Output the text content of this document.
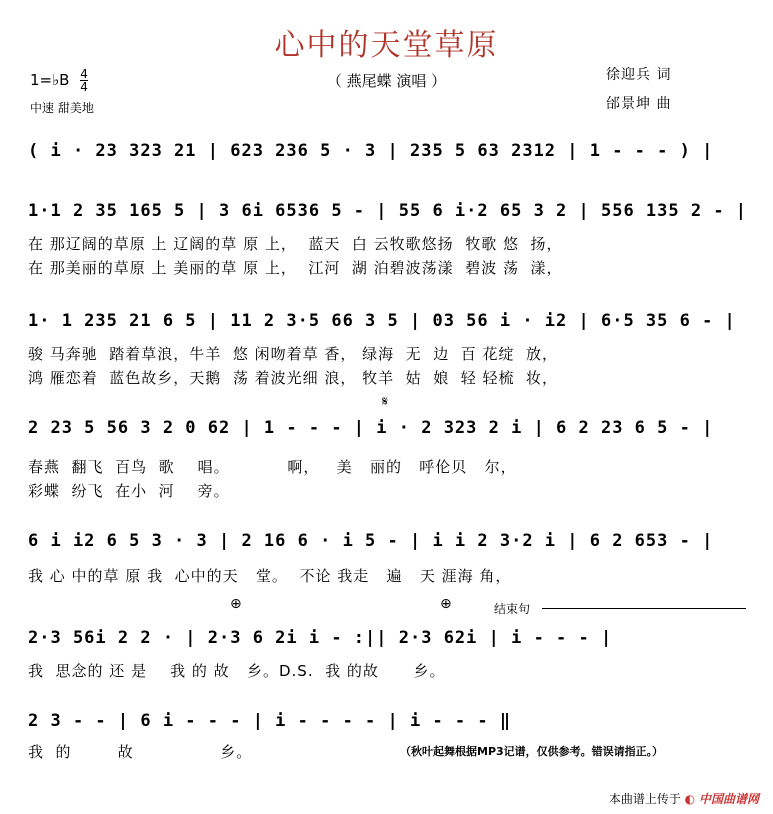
心中的天堂草原
（ 燕尾蝶 演唱 ）
1=♭B $\frac{4}{4}$
中速 甜美地
徐迎兵 词
邰景坤 曲
( i · 23 323 21 | 623 236 5 · 3 | 235 5 63 2312 | 1 - - - ) |
1·1 2 35 165 5 | 3 6i 6536 5 - | 55 6 i·2 65 3 2 | 556 135 2 - |
在 那辽阔的草原 上 辽阔的草 原 上，  蓝天  白 云牧歌悠扬  牧歌 悠  扬，
在 那美丽的草原 上 美丽的草 原 上，  江河  湖 泊碧波荡漾  碧波 荡  漾，
1· 1 235 21 6 5 | 11 2 3·5 66 3 5 | 03 56 i · i2 | 6·5 35 6 - |
骏 马奔驰  踏着草浪，牛羊  悠 闲吻着草 香， 绿海  无  边  百 花绽  放，
鸿 雁恋着  蓝色故乡，天鹅  荡 着波光细 浪， 牧羊  姑  娘  轻 轻梳  妆，
𝄋
2 23 5 56 3 2 0 62 | 1 - - - | i · 2 323 2 i | 6 2 23 6 5 - |
春燕  翻飞  百鸟  歌    唱。          啊，   美   丽的   呼伦贝   尔，
彩蝶  纷飞  在小  河    旁。
6 i i2 6 5 3 · 3 | 2 16 6 · i 5 - | i i 2 3·2 i | 6 2 653 - |
我 心 中的草 原 我  心中的天   堂。  不论 我走   遍   天 涯海 角，
⊕	⊕	结束句
2·3 56i 2 2 · | 2·3 6 2i i - :|| 2·3 62i | i - - - |
我  思念的 还 是    我 的 故   乡。D.S.  我 的故      乡。
2 3 - - | 6 i - - - | i - - - - | i - - - ‖
我  的        故               乡。	（秋叶起舞根据MP3记谱，仅供参考。错误请指正。）
本曲谱上传于 ◐ 中国曲谱网
